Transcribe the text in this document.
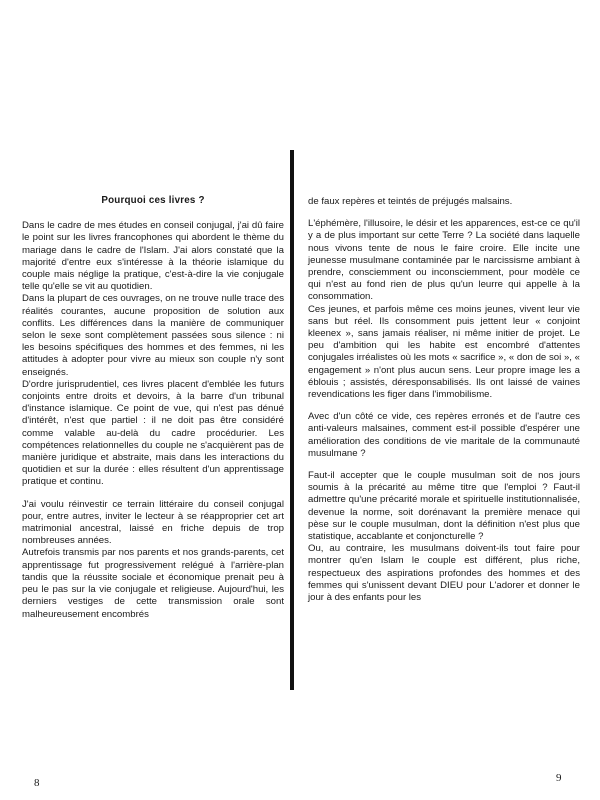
Pourquoi ces livres ?

Dans le cadre de mes études en conseil conjugal, j'ai dû faire le point sur les livres francophones qui abordent le thème du mariage dans le cadre de l'Islam. J'ai alors constaté que la majorité d'entre eux s'intéresse à la théorie islamique du couple mais néglige la pratique, c'est-à-dire la vie conjugale telle qu'elle se vit au quotidien.

Dans la plupart de ces ouvrages, on ne trouve nulle trace des réalités courantes, aucune proposition de solution aux conflits. Les différences dans la manière de communiquer selon le sexe sont complètement passées sous silence : ni les besoins spécifiques des hommes et des femmes, ni les attitudes à adopter pour vivre au mieux son couple n'y sont enseignés.

D'ordre jurisprudentiel, ces livres placent d'emblée les futurs conjoints entre droits et devoirs, à la barre d'un tribunal d'instance islamique. Ce point de vue, qui n'est pas dénué d'intérêt, n'est que partiel : il ne doit pas être considéré comme valable au-delà du cadre procédurier. Les compétences relationnelles du couple ne s'acquièrent pas de manière juridique et abstraite, mais dans les interactions du quotidien et sur la durée : elles résultent d'un apprentissage pratique et continu.

J'ai voulu réinvestir ce terrain littéraire du conseil conjugal pour, entre autres, inviter le lecteur à se réapproprier cet art matrimonial ancestral, laissé en friche depuis de trop nombreuses années.

Autrefois transmis par nos parents et nos grands-parents, cet apprentissage fut progressivement relégué à l'arrière-plan tandis que la réussite sociale et économique prenait peu à peu le pas sur la vie conjugale et religieuse. Aujourd'hui, les derniers vestiges de cette transmission orale sont malheureusement encombrés

de faux repères et teintés de préjugés malsains.

L'éphémère, l'illusoire, le désir et les apparences, est-ce ce qu'il y a de plus important sur cette Terre ? La société dans laquelle nous vivons tente de nous le faire croire. Elle incite une jeunesse musulmane contaminée par le narcissisme ambiant à prendre, consciemment ou inconsciemment, pour modèle ce qui n'est au fond rien de plus qu'un leurre qui appelle à la consommation.

Ces jeunes, et parfois même ces moins jeunes, vivent leur vie sans but réel. Ils consomment puis jettent leur « conjoint kleenex », sans jamais réaliser, ni même initier de projet. Le peu d'ambition qui les habite est encombré d'attentes conjugales irréalistes où les mots « sacrifice », « don de soi », « engagement » n'ont plus aucun sens. Leur propre image les a éblouis ; assistés, déresponsabilisés. Ils ont laissé de vaines revendications les figer dans l'immobilisme.

Avec d'un côté ce vide, ces repères erronés et de l'autre ces anti-valeurs malsaines, comment est-il possible d'espérer une amélioration des conditions de vie maritale de la communauté musulmane ?

Faut-il accepter que le couple musulman soit de nos jours soumis à la précarité au même titre que l'emploi ? Faut-il admettre qu'une précarité morale et spirituelle institutionnalisée, devenue la norme, soit dorénavant la première menace qui pèse sur le couple musulman, dont la définition n'est plus que statistique, accablante et conjoncturelle ?

Ou, au contraire, les musulmans doivent-ils tout faire pour montrer qu'en Islam le couple est différent, plus riche, respectueux des aspirations profondes des hommes et des femmes qui s'unissent devant DIEU pour L'adorer et donner le jour à des enfants pour les

8	9
